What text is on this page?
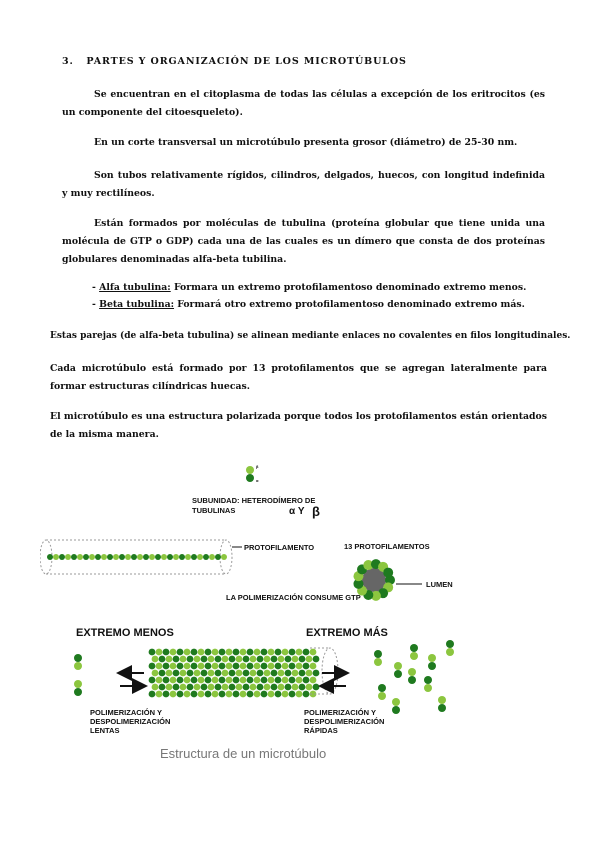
3. PARTES Y ORGANIZACIÓN DE LOS MICROTÚBULOS

Se encuentran en el citoplasma de todas las células a excepción de los eritrocitos (es un componente del citoesqueleto).

En un corte transversal un microtúbulo presenta grosor (diámetro) de 25-30 nm.

Son tubos relativamente rígidos, cilindros, delgados, huecos, con longitud indefinida y muy rectilíneos.

Están formados por moléculas de tubulina (proteína globular que tiene unida una molécula de GTP o GDP) cada una de las cuales es un dímero que consta de dos proteínas globulares denominadas alfa-beta tubilina.

- Alfa tubulina: Formara un extremo protofilamentoso denominado extremo menos.
- Beta tubulina: Formará otro extremo protofilamentoso denominado extremo más.

Estas parejas (de alfa-beta tubulina) se alinean mediante enlaces no covalentes en filos longitudinales.

Cada microtúbulo está formado por 13 protofilamentos que se agregan lateralmente para formar estructuras cilíndricas huecas.

El microtúbulo es una estructura polarizada porque todos los protofilamentos están orientados de la misma manera.

β
α
SUBUNIDAD: HETERODÍMERO DE
TUBULINAS	α Y β
PROTOFILAMENTO	13 PROTOFILAMENTOS
LUMEN
LA POLIMERIZACIÓN CONSUME GTP
EXTREMO MENOS	EXTREMO MÁS
POLIMERIZACIÓN Y
DESPOLIMERIZACIÓN
LENTAS
POLIMERIZACIÓN Y
DESPOLIMERIZACIÓN
RÁPIDAS
Estructura de un microtúbulo
